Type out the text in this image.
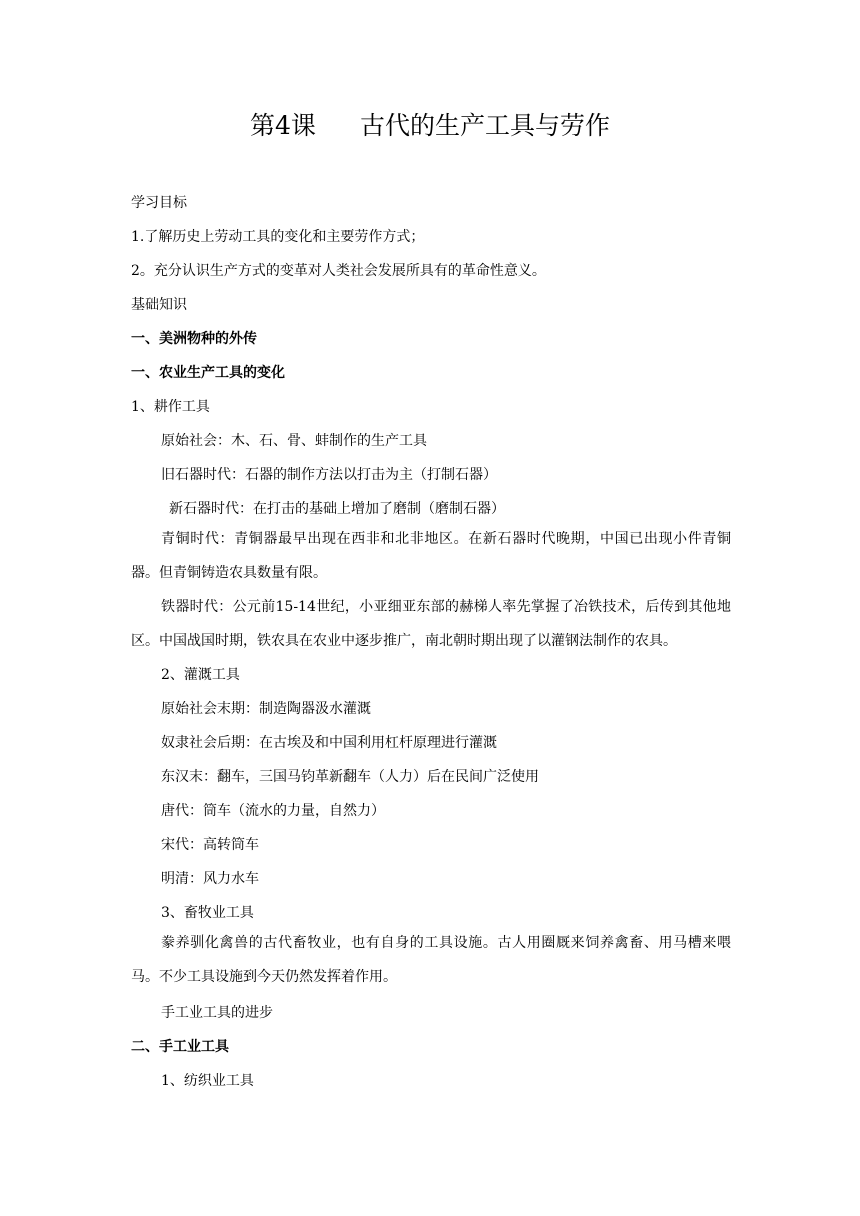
第4课 古代的生产工具与劳作
学习目标
1.了解历史上劳动工具的变化和主要劳作方式；
2。充分认识生产方式的变革对人类社会发展所具有的革命性意义。
基础知识
一、美洲物种的外传
一、农业生产工具的变化
1、耕作工具
原始社会：木、石、骨、蚌制作的生产工具
旧石器时代：石器的制作方法以打击为主（打制石器）
新石器时代：在打击的基础上增加了磨制（磨制石器）
青铜时代：青铜器最早出现在西非和北非地区。在新石器时代晚期，中国已出现小件青铜器。但青铜铸造农具数量有限。
铁器时代：公元前15-14世纪，小亚细亚东部的赫梯人率先掌握了冶铁技术，后传到其他地区。中国战国时期，铁农具在农业中逐步推广，南北朝时期出现了以灌钢法制作的农具。
2、灌溉工具
原始社会末期：制造陶器汲水灌溉
奴隶社会后期：在古埃及和中国利用杠杆原理进行灌溉
东汉末：翻车，三国马钧革新翻车（人力）后在民间广泛使用
唐代：筒车（流水的力量，自然力）
宋代：高转筒车
明清：风力水车
3、畜牧业工具
豢养驯化禽兽的古代畜牧业，也有自身的工具设施。古人用圈厩来饲养禽畜、用马槽来喂马。不少工具设施到今天仍然发挥着作用。
手工业工具的进步
二、手工业工具
1、纺织业工具
